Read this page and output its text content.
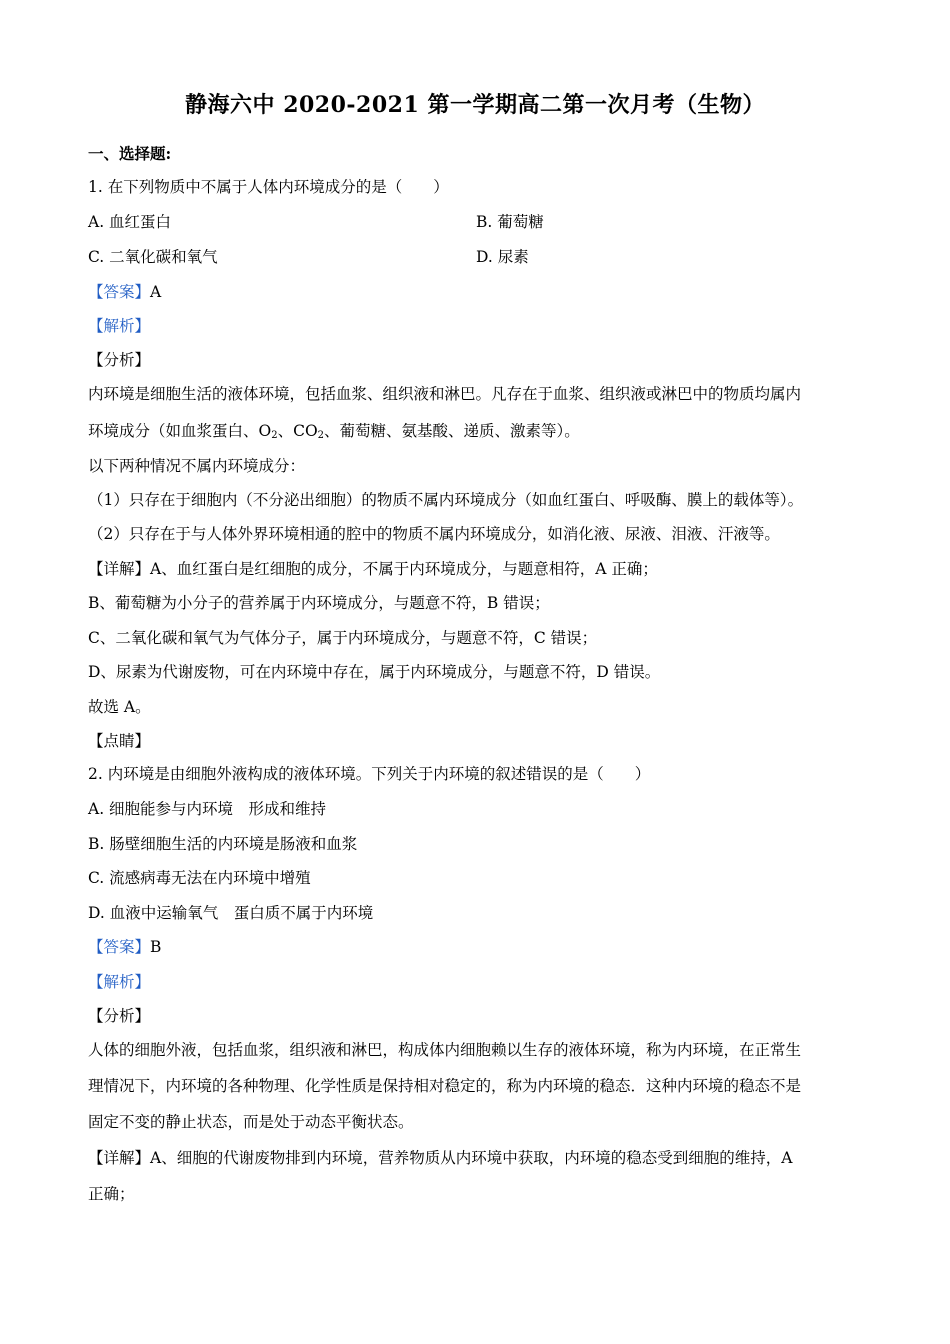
静海六中 2020-2021 第一学期高二第一次月考（生物）
一、选择题:
1. 在下列物质中不属于人体内环境成分的是（　　）
A. 血红蛋白	B. 葡萄糖
C. 二氧化碳和氧气	D. 尿素
【答案】A
【解析】
【分析】
内环境是细胞生活的液体环境，包括血浆、组织液和淋巴。凡存在于血浆、组织液或淋巴中的物质均属内
环境成分（如血浆蛋白、$O_2$、$CO_2$、葡萄糖、氨基酸、递质、激素等）。
以下两种情况不属内环境成分：
（1）只存在于细胞内（不分泌出细胞）的物质不属内环境成分（如血红蛋白、呼吸酶、膜上的载体等）。
（2）只存在于与人体外界环境相通的腔中的物质不属内环境成分，如消化液、尿液、泪液、汗液等。
【详解】A、血红蛋白是红细胞的成分，不属于内环境成分，与题意相符，A 正确；
B、葡萄糖为小分子的营养属于内环境成分，与题意不符，B 错误；
C、二氧化碳和氧气为气体分子，属于内环境成分，与题意不符，C 错误；
D、尿素为代谢废物，可在内环境中存在，属于内环境成分，与题意不符，D 错误。
故选 A。
【点睛】
2. 内环境是由细胞外液构成的液体环境。下列关于内环境的叙述错误的是（　　）
A. 细胞能参与内环境　形成和维持
B. 肠壁细胞生活的内环境是肠液和血浆
C. 流感病毒无法在内环境中增殖
D. 血液中运输氧气　蛋白质不属于内环境
【答案】B
【解析】
【分析】
人体的细胞外液，包括血浆，组织液和淋巴，构成体内细胞赖以生存的液体环境，称为内环境，在正常生
理情况下，内环境的各种物理、化学性质是保持相对稳定的，称为内环境的稳态．这种内环境的稳态不是
固定不变的静止状态，而是处于动态平衡状态。
【详解】A、细胞的代谢废物排到内环境，营养物质从内环境中获取，内环境的稳态受到细胞的维持，A
正确；
